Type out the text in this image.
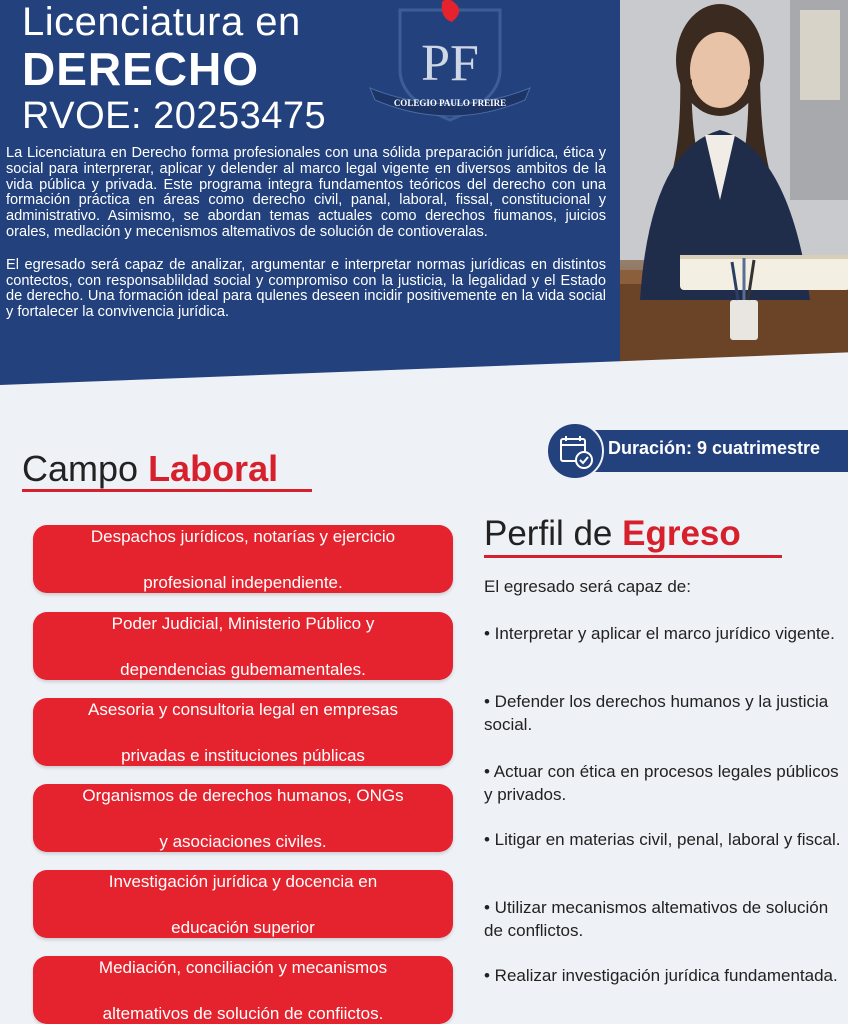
Licenciatura en
DERECHO
RVOE: 20253475
PF
COLEGIO PAULO FREIRE

La Licenciatura en Derecho forma profesionales con una sólida preparación jurídica, ética y social para interprerar, aplicar y delender al marco legal vigente en diversos ambitos de la vida pública y privada. Este programa integra fundamentos teóricos del derecho con una formación práctica en áreas como derecho civil, panal, laboral, fissal, constitucional y administrativo. Asimismo, se abordan temas actuales como derechos fiumanos, juicios orales, medlación y mecenismos altemativos de solución de contioveralas.

El egresado será capaz de analizar, argumentar e interpretar normas jurídicas en distintos contectos, con responsablildad social y compromiso con la justicia, la legalidad y el Estado de derecho. Una formación ideal para qulenes deseen incidir positivemente en la vida social y fortalecer la convivencia jurídica.

Duración: 9 cuatrimestre
Campo Laboral
Despachos jurídicos, notarías y ejercicio

profesional independiente.
Poder Judicial, Ministerio Público y

dependencias gubemamentales.
Asesoria y consultoria legal en empresas

privadas e instituciones públicas
Organismos de derechos humanos, ONGs

y asociaciones civiles.
Investigación jurídica y docencia en

educación superior
Mediación, conciliación y mecanismos

altemativos de solución de confiictos.
Perfil de Egreso
El egresado será capaz de:
• Interpretar y aplicar el marco jurídico vigente.
• Defender los derechos humanos y la justicia social.
• Actuar con ética en procesos legales públicos y privados.
• Litigar en materias civil, penal, laboral y fiscal.
• Utilizar mecanismos altemativos de solución de conflictos.
• Realizar investigación jurídica fundamentada.
